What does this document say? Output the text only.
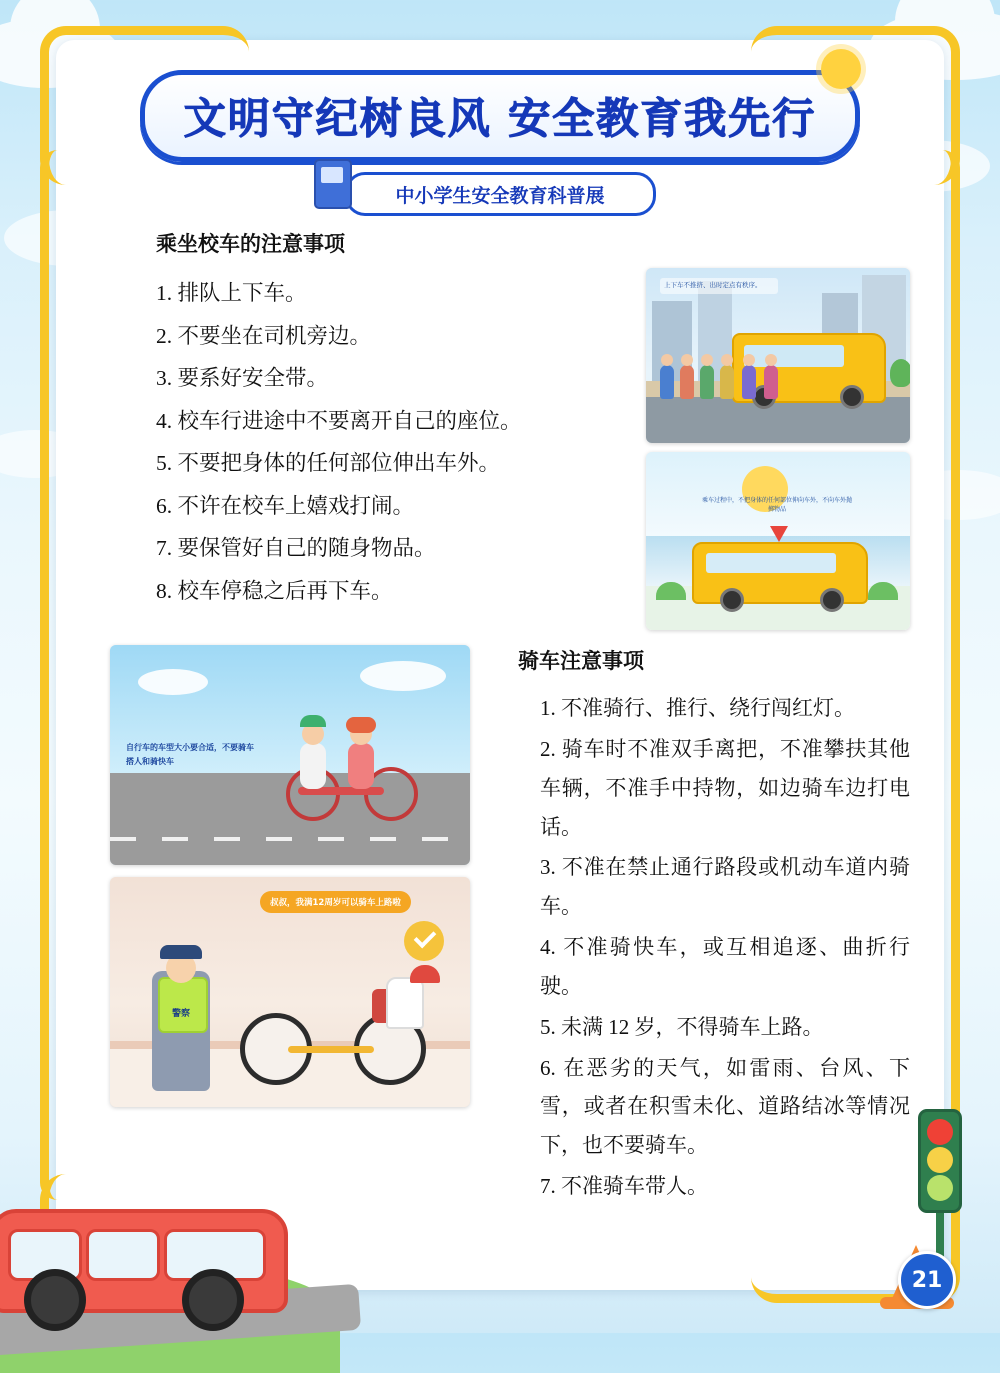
文明守纪树良风 安全教育我先行
中小学生安全教育科普展
乘坐校车的注意事项
1. 排队上下车。
2. 不要坐在司机旁边。
3. 要系好安全带。
4. 校车行进途中不要离开自己的座位。
5. 不要把身体的任何部位伸出车外。
6. 不许在校车上嬉戏打闹。
7. 要保管好自己的随身物品。
8. 校车停稳之后再下车。
上下车不推挤、出时定点有秩序。
乘车过程中，不把身体的任何部位伸向车外，不向车外抛掷物品
自行车的车型大小要合适，不要骑车搭人和骑快车
叔叔，我满12周岁可以骑车上路啦
警察
骑车注意事项
1. 不准骑行、推行、绕行闯红灯。
2. 骑车时不准双手离把，不准攀扶其他车辆，不准手中持物，如边骑车边打电话。
3. 不准在禁止通行路段或机动车道内骑车。
4. 不准骑快车，或互相追逐、曲折行驶。
5. 未满 12 岁，不得骑车上路。
6. 在恶劣的天气，如雷雨、台风、下雪，或者在积雪未化、道路结冰等情况下，也不要骑车。
7. 不准骑车带人。
21
